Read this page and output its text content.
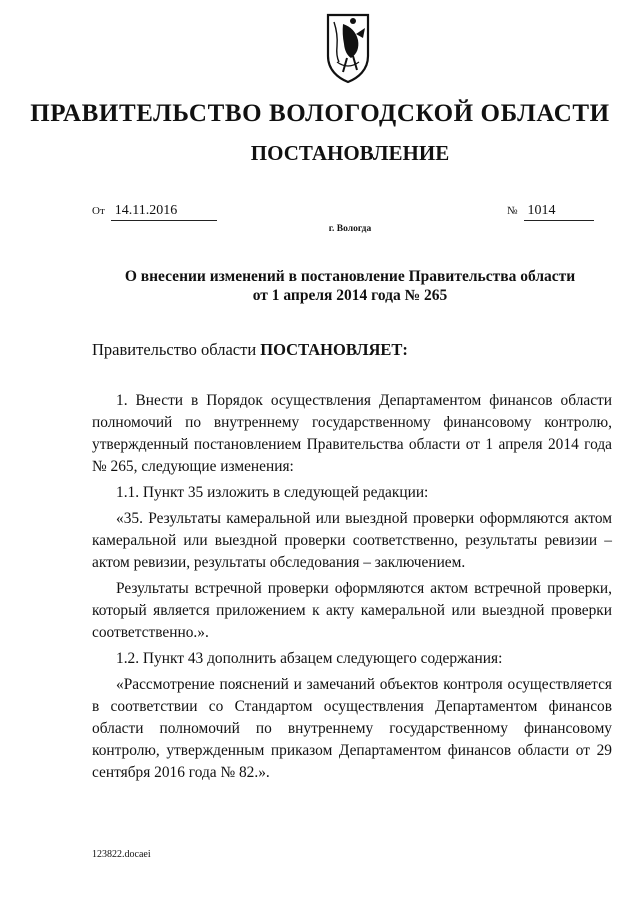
ПРАВИТЕЛЬСТВО ВОЛОГОДСКОЙ ОБЛАСТИ
ПОСТАНОВЛЕНИЕ
От 14.11.2016	№ 1014
г. Вологда
О внесении изменений в постановление Правительства области
от 1 апреля 2014 года № 265
Правительство области ПОСТАНОВЛЯЕТ:

1. Внести в Порядок осуществления Департаментом финансов области полномочий по внутреннему государственному финансовому контролю, утвержденный постановлением Правительства области от 1 апреля 2014 года № 265, следующие изменения:

1.1. Пункт 35 изложить в следующей редакции:

«35. Результаты камеральной или выездной проверки оформляются актом камеральной или выездной проверки соответственно, результаты ревизии – актом ревизии, результаты обследования – заключением.

Результаты встречной проверки оформляются актом встречной проверки, который является приложением к акту камеральной или выездной проверки соответственно.».

1.2. Пункт 43 дополнить абзацем следующего содержания:

«Рассмотрение пояснений и замечаний объектов контроля осуществляется в соответствии со Стандартом осуществления Департаментом финансов области полномочий по внутреннему государственному финансовому контролю, утвержденным приказом Департаментом финансов области от 29 сентября 2016 года № 82.».

123822.docaei
